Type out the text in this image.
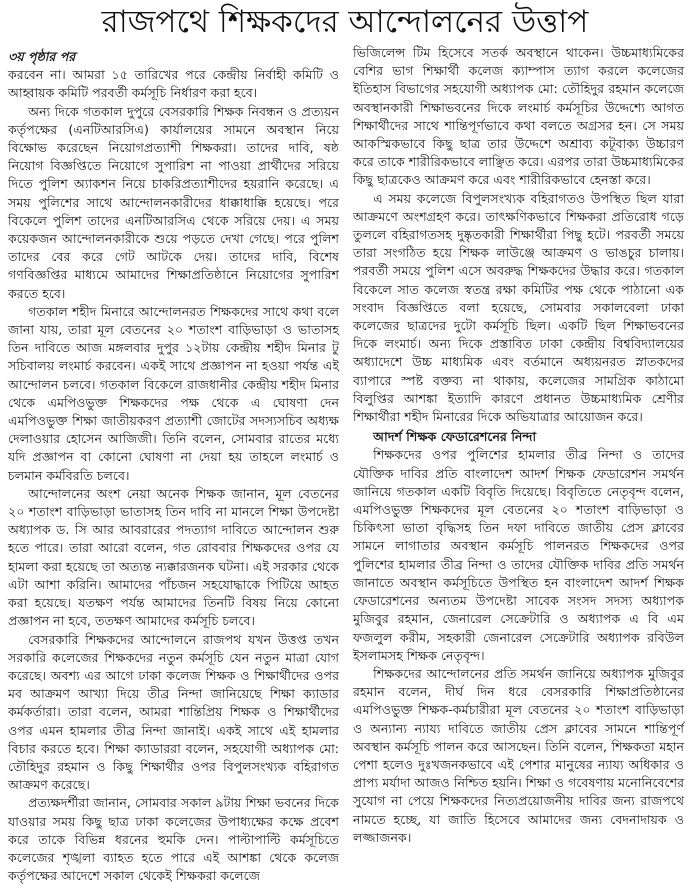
রাজপথে শিক্ষকদের আন্দোলনের উত্তাপ
৩য় পৃষ্ঠার পর

করবেন না। আমরা ১৫ তারিখের পরে কেন্দ্রীয় নির্বাহী কমিটি ও আহ্বায়ক কমিটি পরবর্তী কর্মসূচি নির্ধারণ করা হবে।

অন্য দিকে গতকাল দুপুরে বেসরকারি শিক্ষক নিবন্ধন ও প্রত্যয়ন কর্তৃপক্ষের (এনটিআরসিএ) কার্যালয়ের সামনে অবস্থান নিয়ে বিক্ষোভ করেছেন নিয়োগপ্রত্যাশী শিক্ষকরা। তাদের দাবি, ষষ্ঠ নিয়োগ বিজ্ঞপ্তিতে নিয়োগে সুপারিশ না পাওয়া প্রার্থীদের সরিয়ে দিতে পুলিশ অ্যাকশন নিয়ে চাকরিপ্রত্যাশীদের হয়রানি করেছে। এ সময় পুলিশের সাথে আন্দোলনকারীদের ধাক্কাধাক্কি হয়েছে। পরে বিকেলে পুলিশ তাদের এনটিআরসিএ থেকে সরিয়ে দেয়। এ সময় কয়েকজন আন্দোলনকারীকে শুয়ে পড়তে দেখা গেছে। পরে পুলিশ তাদের বের করে গেট আটকে দেয়। তাদের দাবি, বিশেষ গণবিজ্ঞপ্তির মাধ্যমে আমাদের শিক্ষাপ্রতিষ্ঠানে নিয়োগের সুপারিশ করতে হবে।

গতকাল শহীদ মিনারে আন্দোলনরত শিক্ষকদের সাথে কথা বলে জানা যায়, তারা মূল বেতনের ২০ শতাংশ বাড়িভাড়া ও ভাতাসহ তিন দাবিতে আজ মঙ্গলবার দুপুর ১২টায় কেন্দ্রীয় শহীদ মিনার টু সচিবালয় লংমার্চ করবেন। একই সাথে প্রজ্ঞাপন না হওয়া পর্যন্ত এই আন্দোলন চলবে। গতকাল বিকেলে রাজধানীর কেন্দ্রীয় শহীদ মিনার থেকে এমপিওভুক্ত শিক্ষকদের পক্ষ থেকে এ ঘোষণা দেন এমপিওভুক্ত শিক্ষা জাতীয়করণ প্রত্যাশী জোটের সদস্যসচিব অধ্যক্ষ দেলাওয়ার হোসেন আজিজী। তিনি বলেন, সোমবার রাতের মধ্যে যদি প্রজ্ঞাপন বা কোনো ঘোষণা না দেয়া হয় তাহলে লংমার্চ ও চলমান কর্মবিরতি চলবে।

আন্দোলনের অংশ নেয়া অনেক শিক্ষক জানান, মূল বেতনের ২০ শতাংশ বাড়িভাড়া ভাতাসহ তিন দাবি না মানলে শিক্ষা উপদেষ্টা অধ্যাপক ড. সি আর আবরারের পদত্যাগ দাবিতে আন্দোলন শুরু হতে পারে। তারা আরো বলেন, গত রোববার শিক্ষকদের ওপর যে হামলা করা হয়েছে তা অত্যন্ত ন্যক্কারজনক ঘটনা। এই সরকার থেকে এটা আশা করিনি। আমাদের পাঁচজন সহযোদ্ধাকে পিটিয়ে আহত করা হয়েছে। যতক্ষণ পর্যন্ত আমাদের তিনটি বিষয় নিয়ে কোনো প্রজ্ঞাপন না হবে, ততক্ষণ আমাদের কর্মসূচি চলবে।

বেসরকারি শিক্ষকদের আন্দোলনে রাজপথ যখন উত্তপ্ত তখন সরকারি কলেজের শিক্ষকদের নতুন কর্মসূচি যেন নতুন মাত্রা যোগ করেছে। অবশ্য এর আগে ঢাকা কলেজ শিক্ষক ও শিক্ষার্থীদের ওপর মব আক্রমণ আখ্যা দিয়ে তীব্র নিন্দা জানিয়েছে শিক্ষা ক্যাডার কর্মকর্তারা। তারা বলেন, আমরা শান্তিপ্রিয় শিক্ষক ও শিক্ষার্থীদের ওপর এমন হামলার তীব্র নিন্দা জানাই। একই সাথে এই হামলার বিচার করতে হবে। শিক্ষা ক্যাডাররা বলেন, সহযোগী অধ্যাপক মো: তৌহিদুর রহমান ও কিছু শিক্ষার্থীর ওপর বিপুলসংখ্যক বহিরাগত আক্রমণ করেছে।

প্রত্যক্ষদর্শীরা জানান, সোমবার সকাল ৯টায় শিক্ষা ভবনের দিকে যাওয়ার সময় কিছু ছাত্র ঢাকা কলেজের উপাধ্যক্ষের কক্ষে প্রবেশ করে তাকে বিভিন্ন ধরনের হুমকি দেন। পাল্টাপাল্টি কর্মসূচিতে কলেজের শৃঙ্খলা ব্যাহত হতে পারে এই আশঙ্কা থেকে কলেজ কর্তৃপক্ষের আদেশে সকাল থেকেই শিক্ষকরা কলেজে

ভিজিলেন্স টিম হিসেবে সতর্ক অবস্থানে থাকেন। উচ্চমাধ্যমিকের বেশির ভাগ শিক্ষার্থী কলেজ ক্যাম্পাস ত্যাগ করলে কলেজের ইতিহাস বিভাগের সহযোগী অধ্যাপক মো: তৌহিদুর রহমান কলেজে অবস্থানকারী শিক্ষাভবনের দিকে লংমার্চ কর্মসূচির উদ্দেশ্যে আগত শিক্ষার্থীদের সাথে শান্তিপূর্ণভাবে কথা বলতে অগ্রসর হন। সে সময় আকস্মিকভাবে কিছু ছাত্র তার উদ্দেশে অশ্রাব্য কটূবাক্য উচ্চারণ করে তাকে শারীরিকভাবে লাঞ্ছিত করে। এরপর তারা উচ্চমাধ্যমিকের কিছু ছাত্রকেও আক্রমণ করে এবং শারীরিকভাবে হেনস্তা করে।

এ সময় কলেজে বিপুলসংখ্যক বহিরাগতও উপস্থিত ছিল যারা আক্রমণে অংশগ্রহণ করে। তাৎক্ষণিকভাবে শিক্ষকরা প্রতিরোধ গড়ে তুললে বহিরাগতসহ দুষ্কৃতকারী শিক্ষার্থীরা পিছু হটে। পরবর্তী সময়ে তারা সংগঠিত হয়ে শিক্ষক লাউঞ্জে আক্রমণ ও ভাঙচুর চালায়। পরবর্তী সময়ে পুলিশ এসে অবরুদ্ধ শিক্ষকদের উদ্ধার করে। গতকাল বিকেলে সাত কলেজ স্বতন্ত্র রক্ষা কমিটির পক্ষ থেকে পাঠানো এক সংবাদ বিজ্ঞপ্তিতে বলা হয়েছে, সোমবার সকালবেলা ঢাকা কলেজের ছাত্রদের দুটো কর্মসূচি ছিল। একটি ছিল শিক্ষাভবনের দিকে লংমার্চ। অন্য দিকে প্রস্তাবিত ঢাকা কেন্দ্রীয় বিশ্ববিদ্যালয়ের অধ্যাদেশে উচ্চ মাধ্যমিক এবং বর্তমানে অধ্যয়নরত স্নাতকদের ব্যাপারে স্পষ্ট বক্তব্য না থাকায়, কলেজের সামগ্রিক কাঠামো বিলুপ্তির আশঙ্কা ইত্যাদি কারণে প্রধানত উচ্চমাধ্যমিক শ্রেণীর শিক্ষার্থীরা শহীদ মিনারের দিকে অভিযাত্রার আয়োজন করে।

আদর্শ শিক্ষক ফেডারেশনের নিন্দা

শিক্ষকদের ওপর পুলিশের হামলার তীব্র নিন্দা ও তাদের যৌক্তিক দাবির প্রতি বাংলাদেশ আদর্শ শিক্ষক ফেডারেশন সমর্থন জানিয়ে গতকাল একটি বিবৃতি দিয়েছে। বিবৃতিতে নেতৃবৃন্দ বলেন, এমপিওভুক্ত শিক্ষকদের মূল বেতনের ২০ শতাংশ বাড়িভাড়া ও চিকিৎসা ভাতা বৃদ্ধিসহ তিন দফা দাবিতে জাতীয় প্রেস ক্লাবের সামনে লাগাতার অবস্থান কর্মসূচি পালনরত শিক্ষকদের ওপর পুলিশের হামলার তীব্র নিন্দা ও তাদের যৌক্তিক দাবির প্রতি সমর্থন জানাতে অবস্থান কর্মসূচিতে উপস্থিত হন বাংলাদেশ আদর্শ শিক্ষক ফেডারেশনের অন্যতম উপদেষ্টা সাবেক সংসদ সদস্য অধ্যাপক মুজিবুর রহমান, জেনারেল সেক্রেটারি ও অধ্যাপক এ বি এম ফজলুল করীম, সহকারী জেনারেল সেক্রেটারি অধ্যাপক রবিউল ইসলামসহ শিক্ষক নেতৃবৃন্দ।

শিক্ষকদের আন্দোলনের প্রতি সমর্থন জানিয়ে অধ্যাপক মুজিবুর রহমান বলেন, দীর্ঘ দিন ধরে বেসরকারি শিক্ষাপ্রতিষ্ঠানের এমপিওভুক্ত শিক্ষক-কর্মচারীরা মূল বেতনের ২০ শতাংশ বাড়িভাড়া ও অন্যান্য ন্যায্য দাবিতে জাতীয় প্রেস ক্লাবের সামনে শান্তিপূর্ণ অবস্থান কর্মসূচি পালন করে আসছেন। তিনি বলেন, শিক্ষকতা মহান পেশা হলেও দুঃখজনকভাবে এই পেশার মানুষের ন্যায্য অধিকার ও প্রাপ্য মর্যাদা আজও নিশ্চিত হয়নি। শিক্ষা ও গবেষণায় মনোনিবেশের সুযোগ না পেয়ে শিক্ষকদের নিত্যপ্রয়োজনীয় দাবির জন্য রাজপথে নামতে হচ্ছে, যা জাতি হিসেবে আমাদের জন্য বেদনাদায়ক ও লজ্জাজনক।
